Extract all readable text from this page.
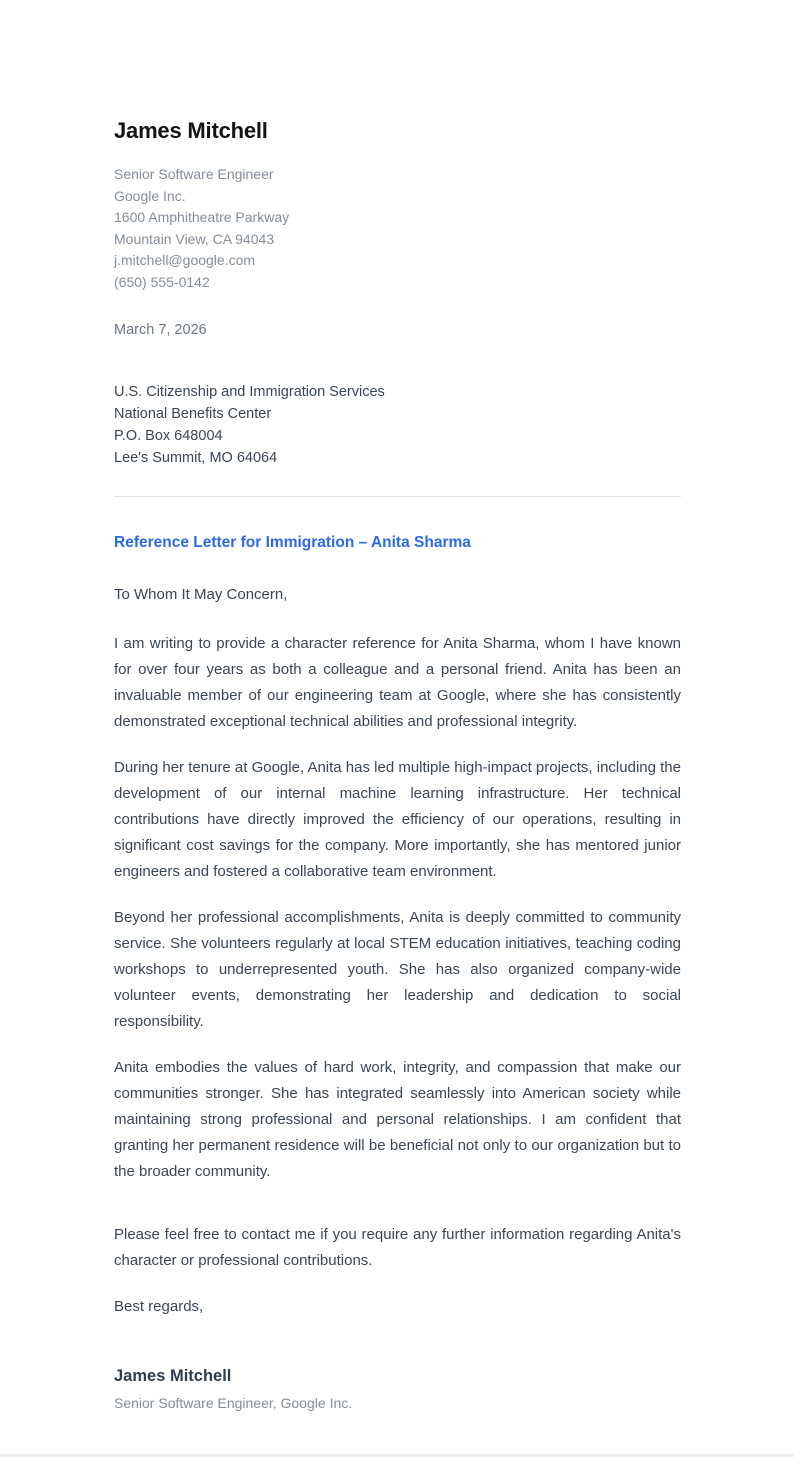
James Mitchell
Senior Software Engineer
Google Inc.
1600 Amphitheatre Parkway
Mountain View, CA 94043
j.mitchell@google.com
(650) 555-0142
March 7, 2026
U.S. Citizenship and Immigration Services
National Benefits Center
P.O. Box 648004
Lee's Summit, MO 64064
Reference Letter for Immigration – Anita Sharma
To Whom It May Concern,

I am writing to provide a character reference for Anita Sharma, whom I have known for over four years as both a colleague and a personal friend. Anita has been an invaluable member of our engineering team at Google, where she has consistently demonstrated exceptional technical abilities and professional integrity.

During her tenure at Google, Anita has led multiple high-impact projects, including the development of our internal machine learning infrastructure. Her technical contributions have directly improved the efficiency of our operations, resulting in significant cost savings for the company. More importantly, she has mentored junior engineers and fostered a collaborative team environment.

Beyond her professional accomplishments, Anita is deeply committed to community service. She volunteers regularly at local STEM education initiatives, teaching coding workshops to underrepresented youth. She has also organized company-wide volunteer events, demonstrating her leadership and dedication to social responsibility.

Anita embodies the values of hard work, integrity, and compassion that make our communities stronger. She has integrated seamlessly into American society while maintaining strong professional and personal relationships. I am confident that granting her permanent residence will be beneficial not only to our organization but to the broader community.

Please feel free to contact me if you require any further information regarding Anita's character or professional contributions.

Best regards,
James Mitchell
Senior Software Engineer, Google Inc.
